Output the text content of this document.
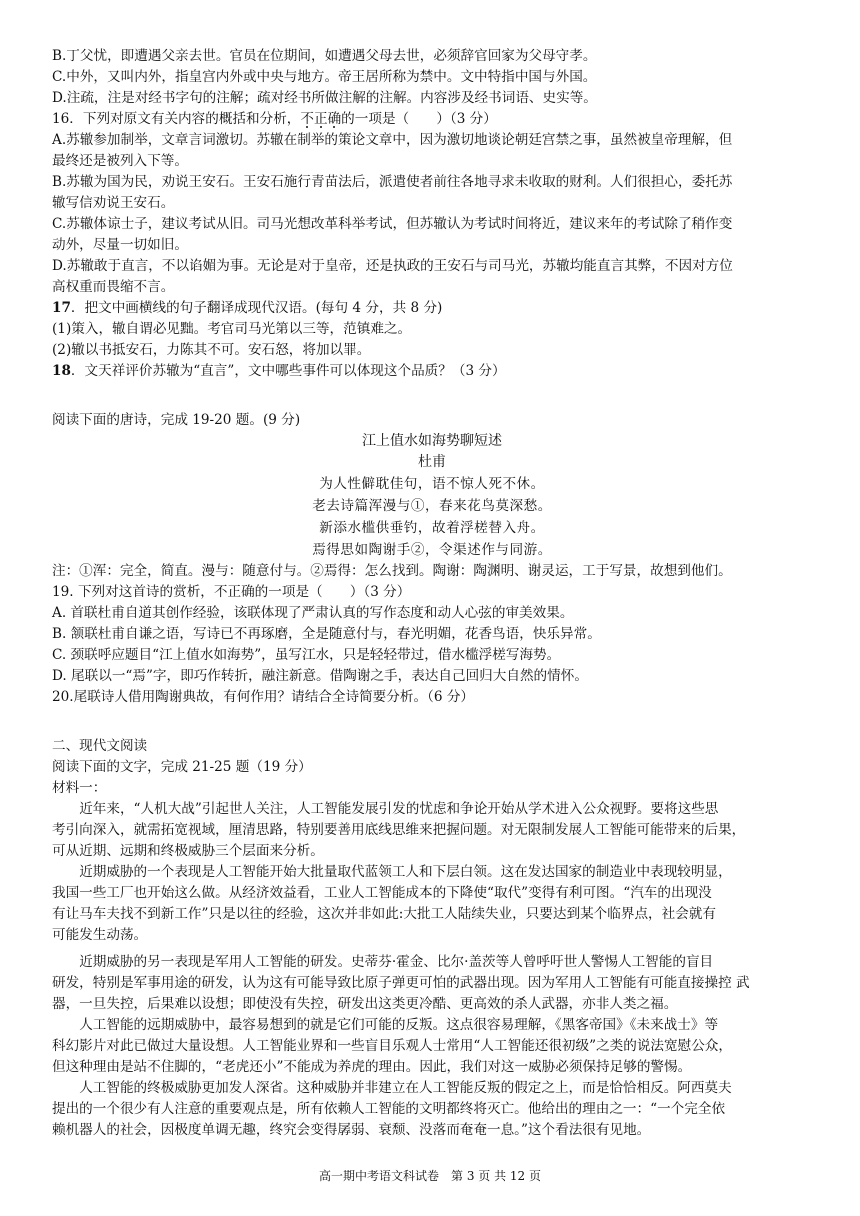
B.丁父忧，即遭遇父亲去世。官员在位期间，如遭遇父母去世，必须辞官回家为父母守孝。
C.中外，又叫内外，指皇宫内外或中央与地方。帝王居所称为禁中。文中特指中国与外国。
D.注疏，注是对经书字句的注解；疏对经书所做注解的注解。内容涉及经书词语、史实等。
16．下列对原文有关内容的概括和分析，不正确的一项是（　　）（3 分）
A.苏辙参加制举，文章言词激切。苏辙在制举的策论文章中，因为激切地谈论朝廷宫禁之事，虽然被皇帝理解，但
最终还是被列入下等。
B.苏辙为国为民，劝说王安石。王安石施行青苗法后，派遣使者前往各地寻求未收取的财利。人们很担心，委托苏
辙写信劝说王安石。
C.苏辙体谅士子，建议考试从旧。司马光想改革科举考试，但苏辙认为考试时间将近，建议来年的考试除了稍作变
动外，尽量一切如旧。
D.苏辙敢于直言，不以谄媚为事。无论是对于皇帝，还是执政的王安石与司马光，苏辙均能直言其弊，不因对方位
高权重而畏缩不言。
17．把文中画横线的句子翻译成现代汉语。(每句 4 分，共 8 分)
(1)策入，辙自谓必见黜。考官司马光第以三等，范镇难之。
(2)辙以书抵安石，力陈其不可。安石怒，将加以罪。
18．文天祥评价苏辙为“直言”，文中哪些事件可以体现这个品质？（3 分）
阅读下面的唐诗，完成 19-20 题。(9 分)
江上值水如海势聊短述
杜甫
为人性僻耽佳句，语不惊人死不休。
老去诗篇浑漫与①，春来花鸟莫深愁。
新添水槛供垂钓，故着浮槎替入舟。
焉得思如陶谢手②，令渠述作与同游。
注：①浑：完全，简直。漫与：随意付与。②焉得：怎么找到。陶谢：陶渊明、谢灵运，工于写景，故想到他们。
19. 下列对这首诗的赏析，不正确的一项是（　　）（3 分）
A. 首联杜甫自道其创作经验，该联体现了严肃认真的写作态度和动人心弦的审美效果。
B. 颔联杜甫自谦之语，写诗已不再琢磨，全是随意付与，春光明媚，花香鸟语，快乐异常。
C. 颈联呼应题目“江上值水如海势”，虽写江水，只是轻轻带过，借水槛浮槎写海势。
D. 尾联以一“焉”字，即巧作转折，融注新意。借陶谢之手，表达自己回归大自然的情怀。
20.尾联诗人借用陶谢典故，有何作用？请结合全诗简要分析。（6 分）
二、现代文阅读
阅读下面的文字，完成 21-25 题（19 分）
材料一：
近年来，“人机大战”引起世人关注，人工智能发展引发的忧虑和争论开始从学术进入公众视野。要将这些思
考引向深入，就需拓宽视域，厘清思路，特别要善用底线思维来把握问题。对无限制发展人工智能可能带来的后果，
可从近期、远期和终极威胁三个层面来分析。
近期威胁的一个表现是人工智能开始大批量取代蓝领工人和下层白领。这在发达国家的制造业中表现较明显，
我国一些工厂也开始这么做。从经济效益看，工业人工智能成本的下降使“取代”变得有利可图。“汽车的出现没
有让马车夫找不到新工作”只是以往的经验，这次并非如此:大批工人陆续失业，只要达到某个临界点，社会就有
可能发生动荡。
近期威胁的另一表现是军用人工智能的研发。史蒂芬·霍金、比尔·盖茨等人曾呼吁世人警惕人工智能的盲目
研发，特别是军事用途的研发，认为这有可能导致比原子弹更可怕的武器出现。因为军用人工智能有可能直接操控 武
器，一旦失控，后果难以设想；即使没有失控，研发出这类更冷酷、更高效的杀人武器，亦非人类之福。
人工智能的远期威胁中，最容易想到的就是它们可能的反叛。这点很容易理解，《黑客帝国》《未来战士》等
科幻影片对此已做过大量设想。人工智能业界和一些盲目乐观人士常用“人工智能还很初级”之类的说法宽慰公众，
但这种理由是站不住脚的，“老虎还小”不能成为养虎的理由。因此，我们对这一威胁必须保持足够的警惕。
人工智能的终极威胁更加发人深省。这种威胁并非建立在人工智能反叛的假定之上，而是恰恰相反。阿西莫夫
提出的一个很少有人注意的重要观点是，所有依赖人工智能的文明都终将灭亡。他给出的理由之一：“一个完全依
赖机器人的社会，因极度单调无趣，终究会变得孱弱、衰颓、没落而奄奄一息。”这个看法很有见地。
高一期中考语文科试卷　第 3 页 共 12 页
